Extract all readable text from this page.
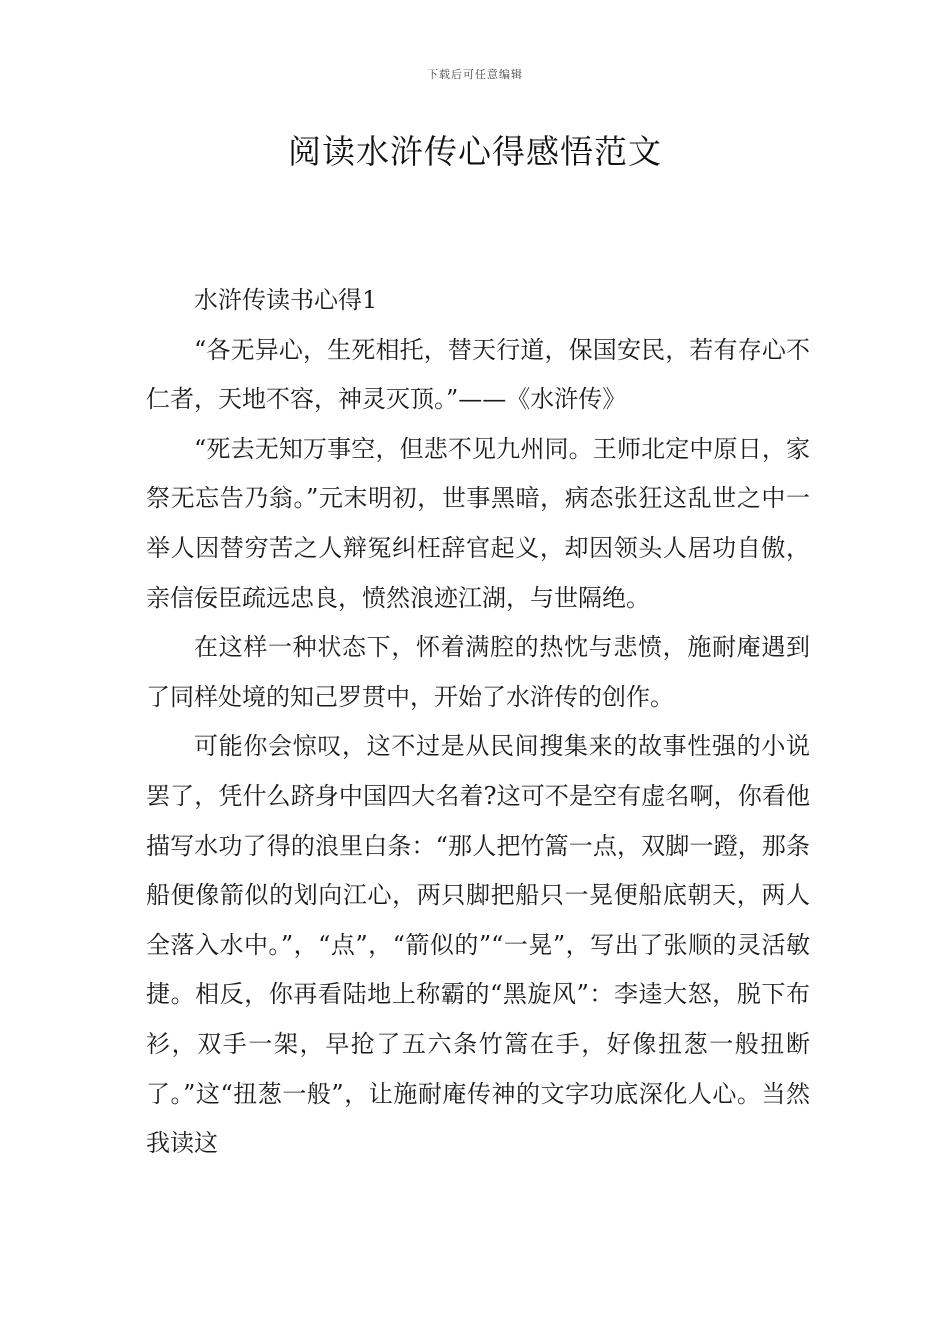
下载后可任意编辑
阅读水浒传心得感悟范文

水浒传读书心得1

“各无异心，生死相托，替天行道，保国安民，若有存心不仁者，天地不容，神灵灭顶。”——《水浒传》

“死去无知万事空，但悲不见九州同。王师北定中原日，家祭无忘告乃翁。”元末明初，世事黑暗，病态张狂这乱世之中一举人因替穷苦之人辩冤纠枉辞官起义，却因领头人居功自傲，亲信佞臣疏远忠良，愤然浪迹江湖，与世隔绝。

在这样一种状态下，怀着满腔的热忱与悲愤，施耐庵遇到了同样处境的知己罗贯中，开始了水浒传的创作。

可能你会惊叹，这不过是从民间搜集来的故事性强的小说罢了，凭什么跻身中国四大名着?这可不是空有虚名啊，你看他描写水功了得的浪里白条：“那人把竹篙一点，双脚一蹬，那条船便像箭似的划向江心，两只脚把船只一晃便船底朝天，两人全落入水中。”，“点”，“箭似的”“一晃”，写出了张顺的灵活敏捷。相反，你再看陆地上称霸的“黑旋风”：李逵大怒，脱下布衫，双手一架，早抢了五六条竹篙在手，好像扭葱一般扭断了。”这“扭葱一般”，让施耐庵传神的文字功底深化人心。当然我读这
